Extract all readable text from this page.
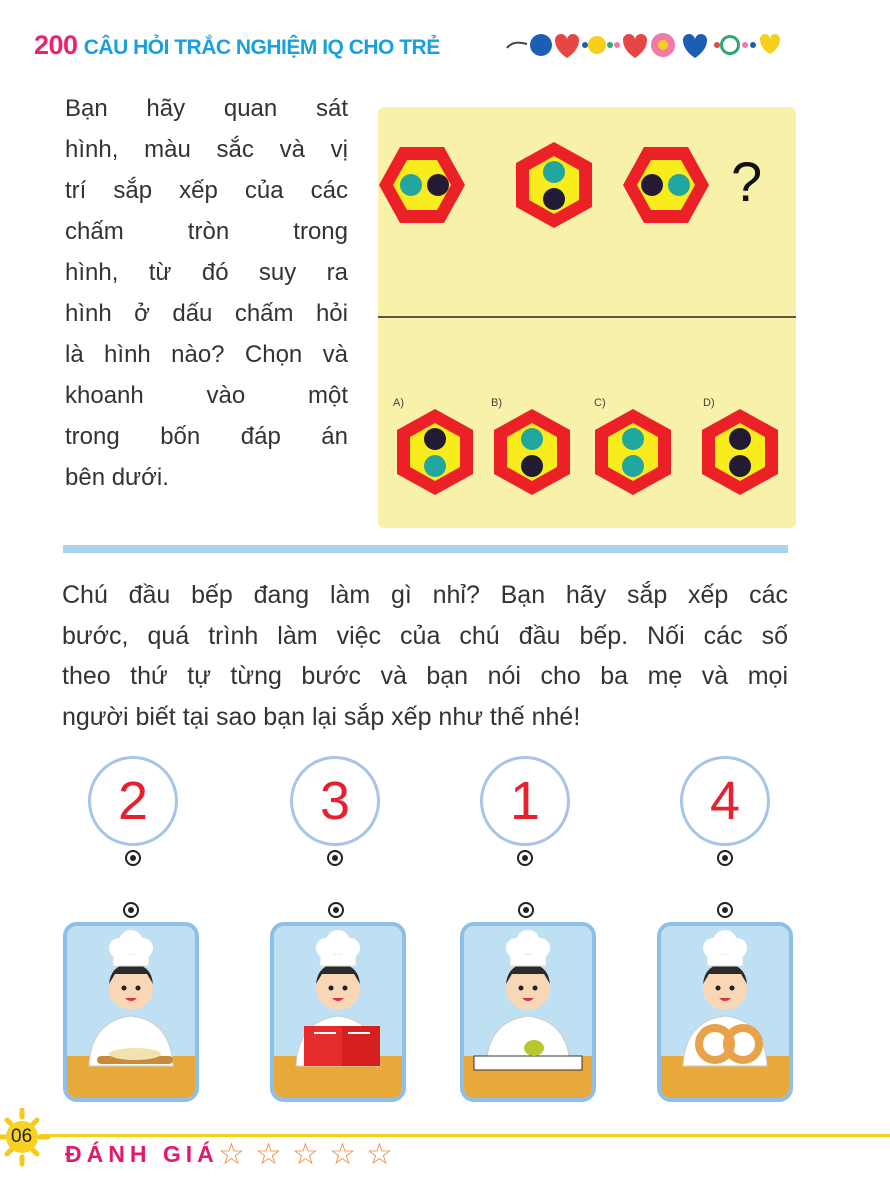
200 CÂU HỎI TRẮC NGHIỆM IQ CHO TRẺ
Bạn hãy quan sát
hình, màu sắc và vị
trí sắp xếp của các
chấm tròn trong
hình, từ đó suy ra
hình ở dấu chấm hỏi
là hình nào? Chọn và
khoanh vào một
trong bốn đáp án
bên dưới.
?
A)	B)	C)	D)
Chú đầu bếp đang làm gì nhỉ? Bạn hãy sắp xếp các
bước, quá trình làm việc của chú đầu bếp. Nối các số
theo thứ tự từng bước và bạn nói cho ba mẹ và mọi
người biết tại sao bạn lại sắp xếp như thế nhé!
2	3	1	4
06
ĐÁNH GIÁ ☆ ☆ ☆ ☆ ☆
